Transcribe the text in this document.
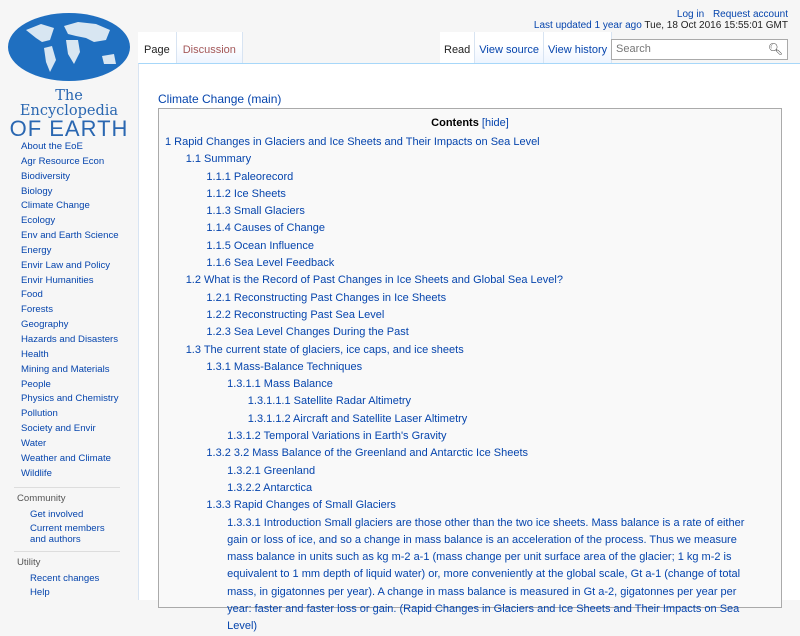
The Encyclopedia
OF EARTH
Log in Request account
Last updated 1 year ago Tue, 18 Oct 2016 15:55:01 GMT
Page	Discussion	Read View source View history Search	🔍︎
Climate Change (main)
Contents [hide]
1 Rapid Changes in Glaciers and Ice Sheets and Their Impacts on Sea Level
1.1 Summary
1.1.1 Paleorecord
1.1.2 Ice Sheets
1.1.3 Small Glaciers
1.1.4 Causes of Change
1.1.5 Ocean Influence
1.1.6 Sea Level Feedback
1.2 What is the Record of Past Changes in Ice Sheets and Global Sea Level?
1.2.1 Reconstructing Past Changes in Ice Sheets
1.2.2 Reconstructing Past Sea Level
1.2.3 Sea Level Changes During the Past
1.3 The current state of glaciers, ice caps, and ice sheets
1.3.1 Mass-Balance Techniques
1.3.1.1 Mass Balance
1.3.1.1.1 Satellite Radar Altimetry
1.3.1.1.2 Aircraft and Satellite Laser Altimetry
1.3.1.2 Temporal Variations in Earth's Gravity
1.3.2 3.2 Mass Balance of the Greenland and Antarctic Ice Sheets
1.3.2.1 Greenland
1.3.2.2 Antarctica
1.3.3 Rapid Changes of Small Glaciers
1.3.3.1 Introduction Small glaciers are those other than the two ice sheets. Mass balance is a rate of either gain or loss of ice, and so a change in mass balance is an acceleration of the process. Thus we measure mass balance in units such as kg m-2 a-1 (mass change per unit surface area of the glacier; 1 kg m-2 is equivalent to 1 mm depth of liquid water) or, more conveniently at the global scale, Gt a-1 (change of total mass, in gigatonnes per year). A change in mass balance is measured in Gt a-2, gigatonnes per year per year: faster and faster loss or gain. (Rapid Changes in Glaciers and Ice Sheets and Their Impacts on Sea Level)
About the EoE
Agr Resource Econ
Biodiversity
Biology
Climate Change
Ecology
Env and Earth Science
Energy
Envir Law and Policy
Envir Humanities
Food
Forests
Geography
Hazards and Disasters
Health
Mining and Materials
People
Physics and Chemistry
Pollution
Society and Envir
Water
Weather and Climate
Wildlife
Community
Get involved
Current members and authors
Utility
Recent changes
Help
